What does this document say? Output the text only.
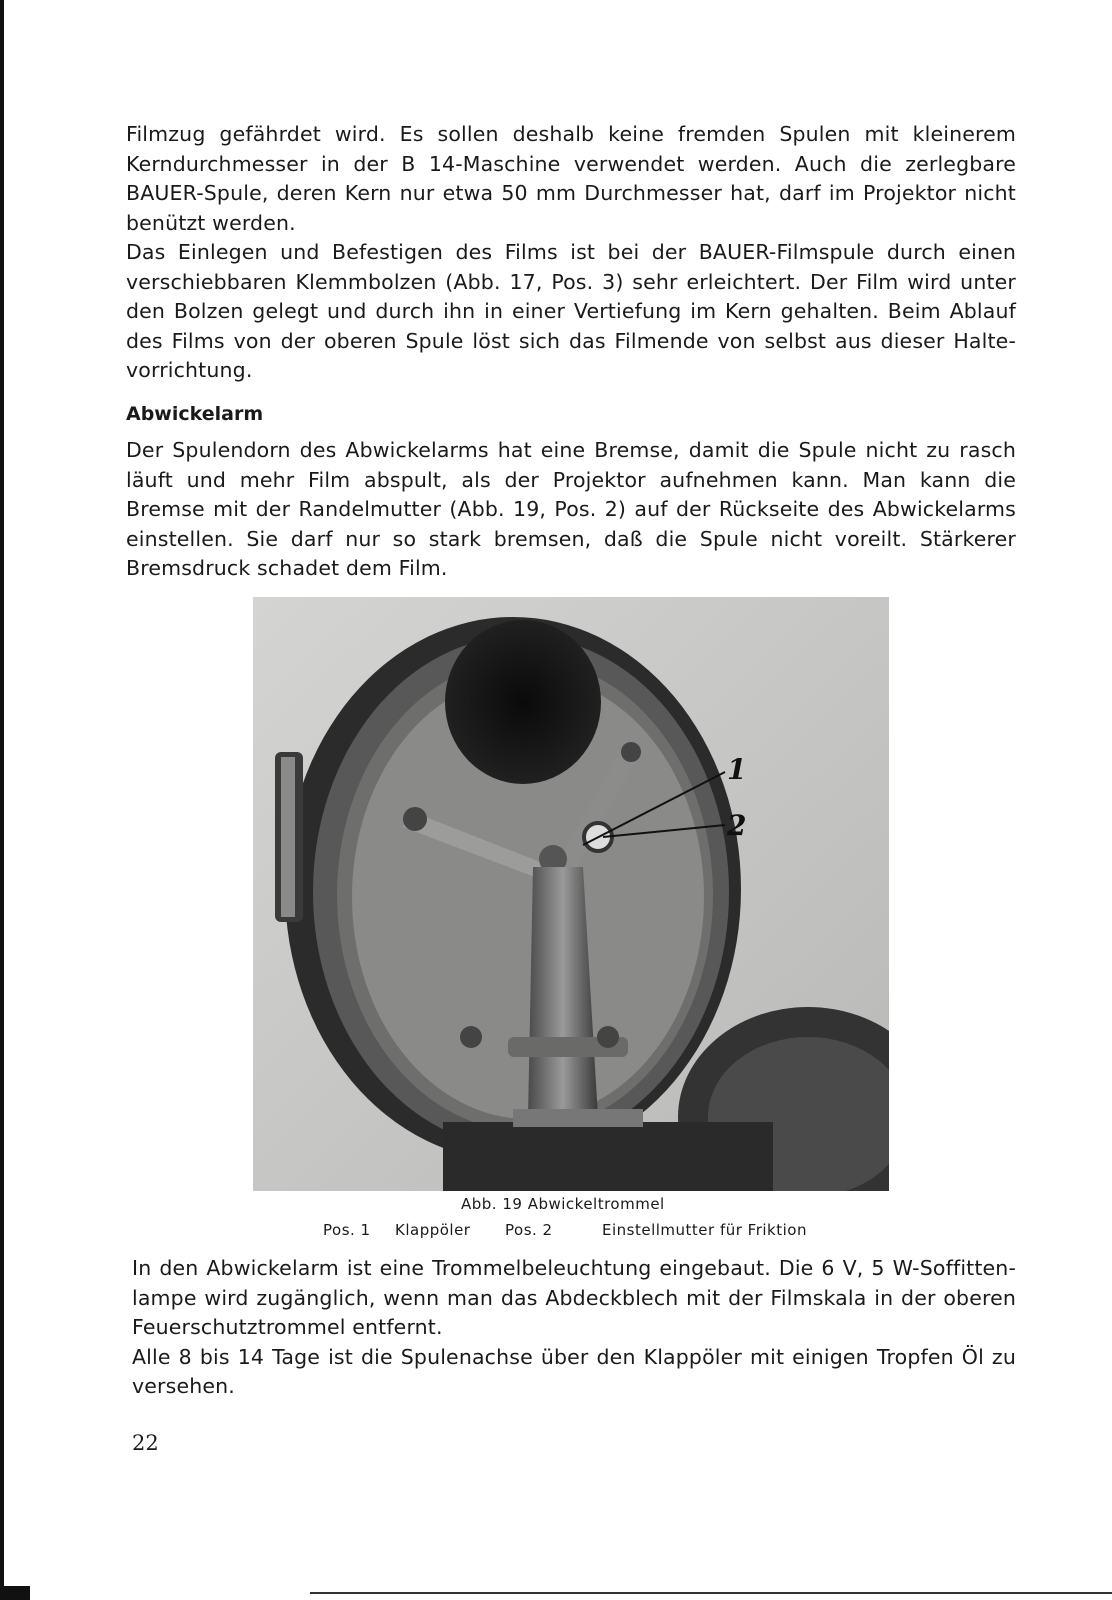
Filmzug gefährdet wird. Es sollen deshalb keine fremden Spulen mit kleinerem Kerndurchmesser in der B 14-Maschine verwendet werden. Auch die zerlegbare BAUER-Spule, deren Kern nur etwa 50 mm Durchmesser hat, darf im Projektor nicht benützt werden.

Das Einlegen und Befestigen des Films ist bei der BAUER-Filmspule durch einen verschiebbaren Klemmbolzen (Abb. 17, Pos. 3) sehr erleichtert. Der Film wird unter den Bolzen gelegt und durch ihn in einer Vertiefung im Kern gehalten. Beim Ablauf des Films von der oberen Spule löst sich das Filmende von selbst aus dieser Halte-vorrichtung.

Abwickelarm

Der Spulendorn des Abwickelarms hat eine Bremse, damit die Spule nicht zu rasch läuft und mehr Film abspult, als der Projektor aufnehmen kann. Man kann die Bremse mit der Randelmutter (Abb. 19, Pos. 2) auf der Rückseite des Abwickelarms einstellen. Sie darf nur so stark bremsen, daß die Spule nicht voreilt. Stärkerer Bremsdruck schadet dem Film.

1
2
Abb. 19 Abwickeltrommel
Pos. 1 Klappöler Pos. 2	Einstellmutter für Friktion

In den Abwickelarm ist eine Trommelbeleuchtung eingebaut. Die 6 V, 5 W-Soffitten-lampe wird zugänglich, wenn man das Abdeckblech mit der Filmskala in der oberen Feuerschutztrommel entfernt.

Alle 8 bis 14 Tage ist die Spulenachse über den Klappöler mit einigen Tropfen Öl zu versehen.

22
